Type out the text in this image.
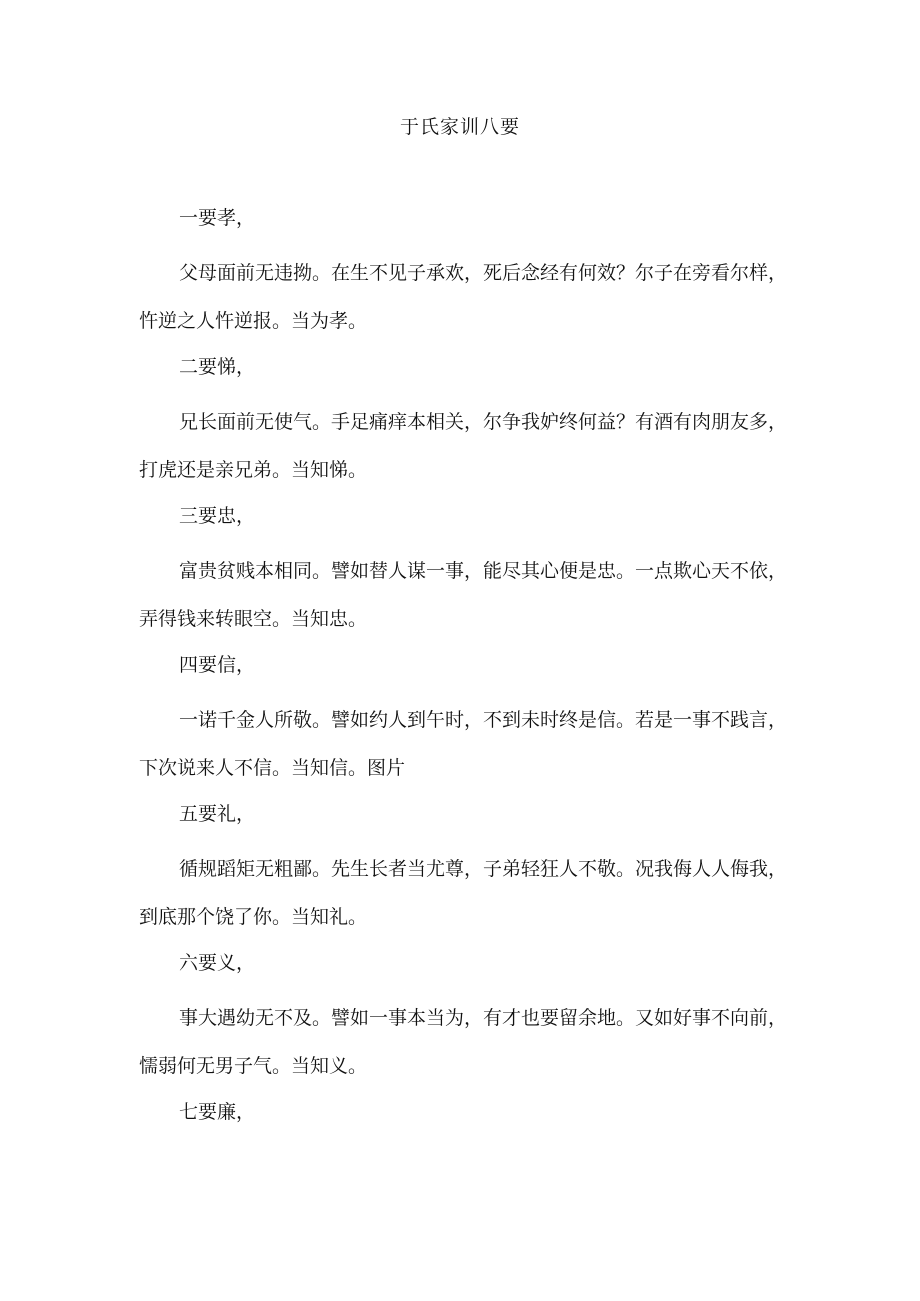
于氏家训八要
一要孝，
父母面前无违拗。在生不见子承欢，死后念经有何效？尔子在旁看尔样，忤逆之人忤逆报。当为孝。
二要悌，
兄长面前无使气。手足痛痒本相关，尔争我妒终何益？有酒有肉朋友多，打虎还是亲兄弟。当知悌。
三要忠，
富贵贫贱本相同。譬如替人谋一事，能尽其心便是忠。一点欺心天不依，弄得钱来转眼空。当知忠。
四要信，
一诺千金人所敬。譬如约人到午时，不到未时终是信。若是一事不践言，下次说来人不信。当知信。图片
五要礼，
循规蹈矩无粗鄙。先生长者当尤尊，子弟轻狂人不敬。况我侮人人侮我，到底那个饶了你。当知礼。
六要义，
事大遇幼无不及。譬如一事本当为，有才也要留余地。又如好事不向前，懦弱何无男子气。当知义。
七要廉，
